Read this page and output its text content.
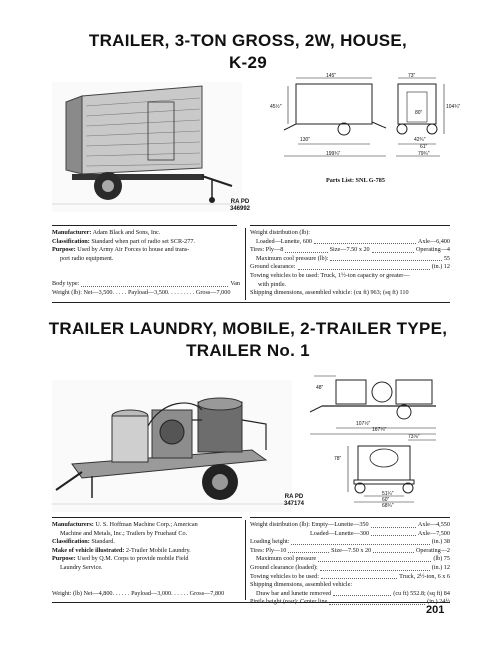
TRAILER, 3-TON GROSS, 2W, HOUSE,
K-29
145"	73"
45½"	104¾"
80"
130"	42¾"
61"
79¾"
199¾"
Parts List: SNL G-785
RA PD
346992
Manufacturer: Adam Black and Sons, Inc.
Classification: Standard when part of radio set SCR-277.
Purpose: Used by Army Air Forces to house and trans-
port radio equipment.
Body type:	Van
Weight (lb): Net—3,500. . . . . Payload—3,500. . . . . . . . . Gross—7,000
Weight distribution (lb):
Loaded—Lunette, 600	Axle—6,400
Tires: Ply—8	Size—7.50 x 20	Operating—4
Maximum cool pressure (lb):	55
Ground clearance:	(in.) 12
Towing vehicles to be used: Truck, 1½-ton capacity or greater—
with pintle.
Shipping dimensions, assembled vehicle: (cu ft) 963; (sq ft) 110
TRAILER LAUNDRY, MOBILE, 2-TRAILER TYPE,
TRAILER No. 1
48"
107½"
167¼"
73⅞"
78"
51¼"
60"
68¾"
RA PD
347174
Manufacturers: U. S. Hoffman Machine Corp.; American
Machine and Metals, Inc.; Trailers by Fruehauf Co.
Classification: Standard.
Make of vehicle illustrated: 2-Trailer Mobile Laundry.
Purpose: Used by Q.M. Corps to provide mobile Field
Laundry Service.
Weight: (lb) Net—4,800. . . . . . Payload—3,000. . . . . . Gross—7,800
Weight distribution (lb): Empty—Lunette—350	Axle—4,550
Loaded—Lunette—300	Axle—7,500
Loading height:	(in.) 38
Tires: Ply—10	Size—7.50 x 20	Operating—2
Maximum cool pressure	(lb) 75
Ground clearance (loaded):	(in.) 12
Towing vehicles to be used:	Truck, 2½-ton, 6 x 6
Shipping dimensions, assembled vehicle:
Draw bar and lunette removed	(cu ft) 552.8; (sq ft) 84
Pintle height (rear): Center line	(in.) 24½
201
